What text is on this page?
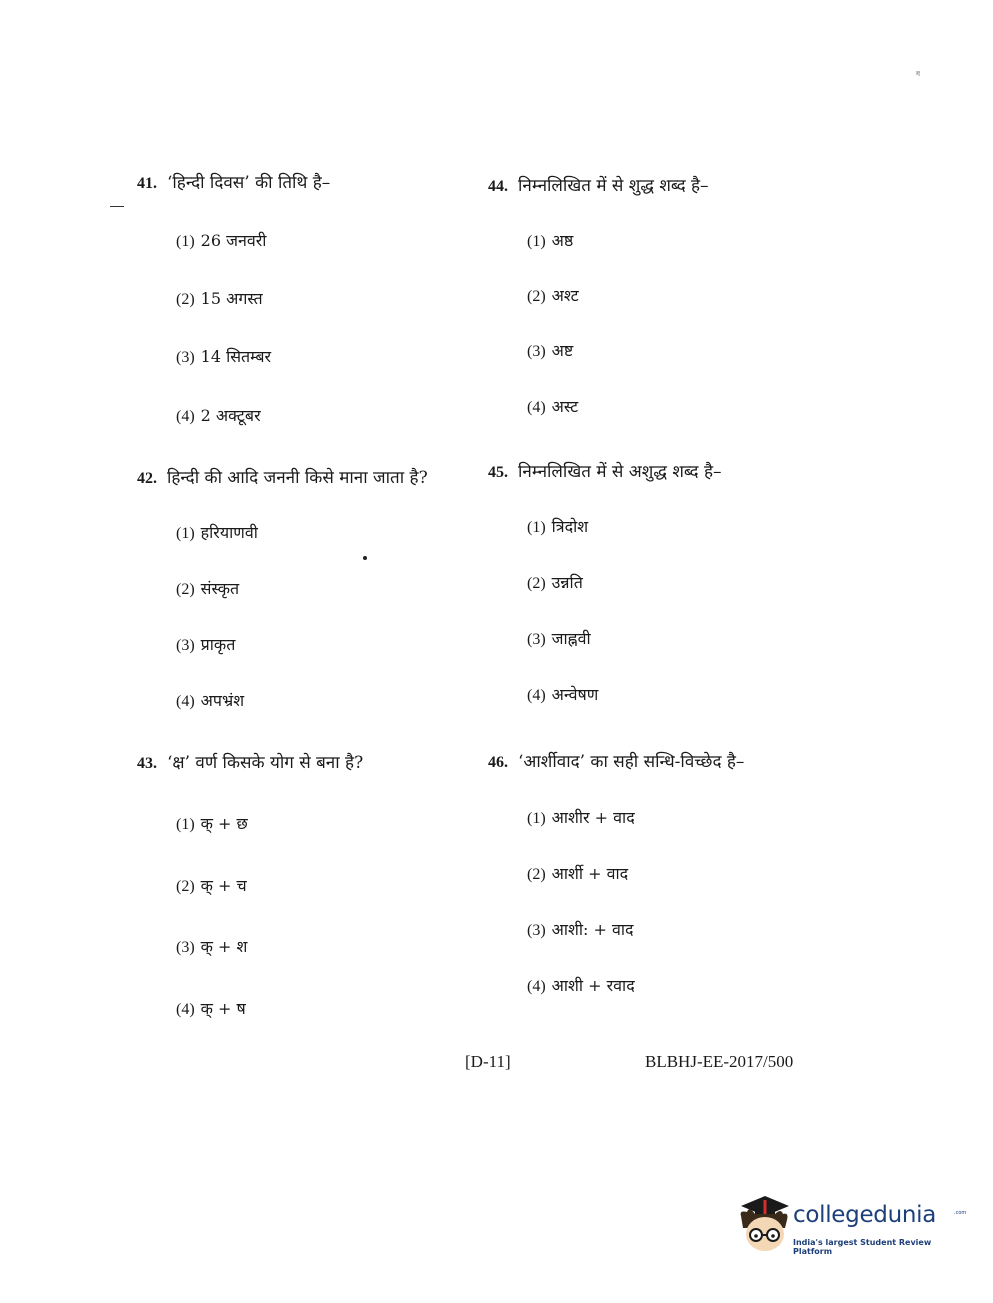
ग
41. ‘हिन्दी दिवस’ की तिथि है–
(1) 26 जनवरी
(2) 15 अगस्त
(3) 14 सितम्बर
(4) 2 अक्टूबर
42. हिन्दी की आदि जननी किसे माना जाता है?
(1) हरियाणवी
(2) संस्कृत
(3) प्राकृत
(4) अपभ्रंश
43. ‘क्ष’ वर्ण किसके योग से बना है?
(1) क् + छ
(2) क् + च
(3) क् + श
(4) क् + ष
44. निम्नलिखित में से शुद्ध शब्द है–
(1) अष्ठ
(2) अश्ट
(3) अष्ट
(4) अस्ट
45. निम्नलिखित में से अशुद्ध शब्द है–
(1) त्रिदोश
(2) उन्नति
(3) जाह्नवी
(4) अन्वेषण
46. ‘आर्शीवाद’ का सही सन्धि-विच्छेद है–
(1) आशीर + वाद
(2) आर्शी + वाद
(3) आशी: + वाद
(4) आशी + रवाद
[D-11]	BLBHJ-EE-2017/500
collegedunia	.com
India's largest Student Review Platform
